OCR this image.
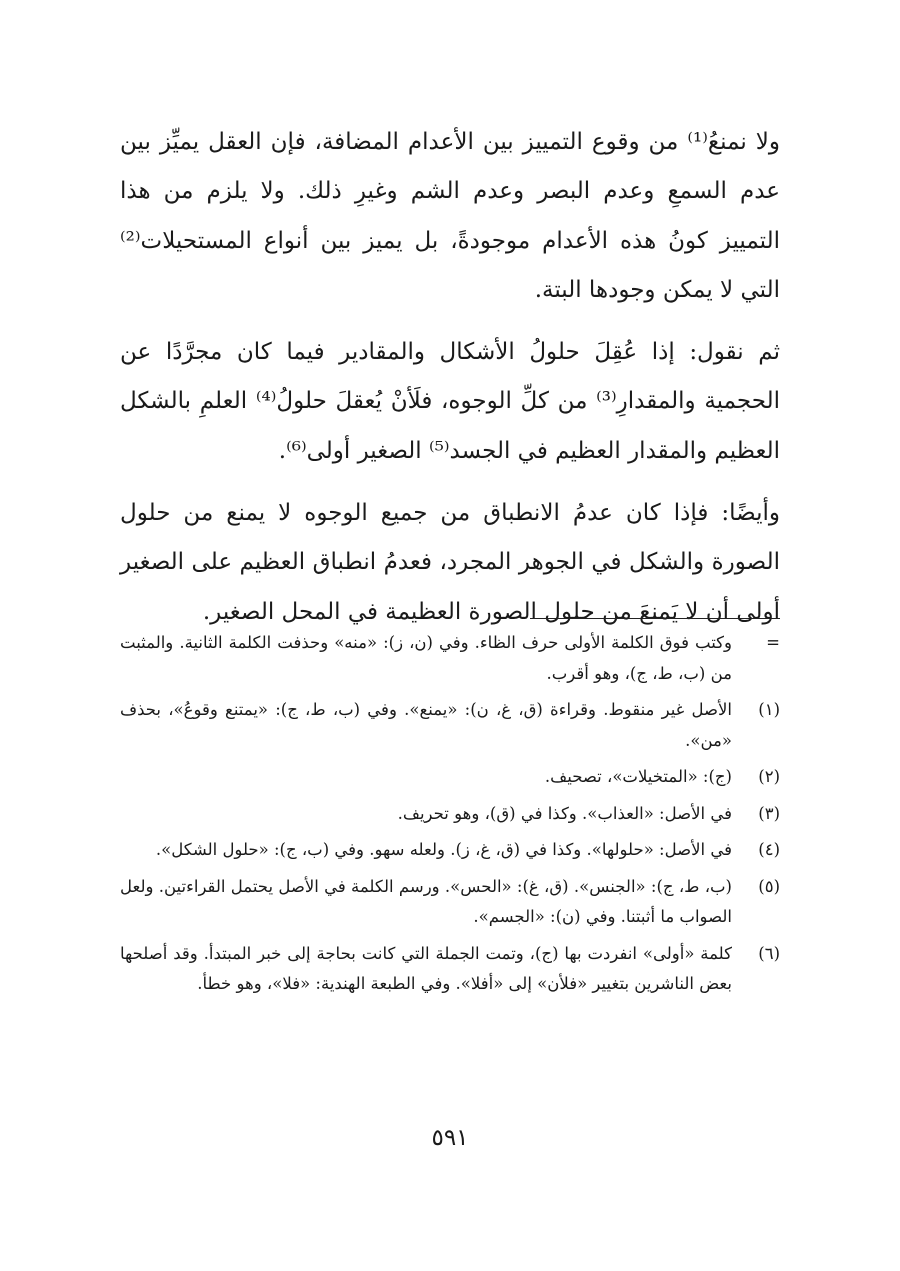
ولا نمنعُ⁽¹⁾ من وقوع التمييز بين الأعدام المضافة، فإن العقل يميِّز بين عدم السمعِ وعدم البصر وعدم الشم وغيرِ ذلك. ولا يلزم من هذا التمييز كونُ هذه الأعدام موجودةً، بل يميز بين أنواع المستحيلات⁽²⁾ التي لا يمكن وجودها البتة.

ثم نقول: إذا عُقِلَ حلولُ الأشكال والمقادير فيما كان مجرَّدًا عن الحجمية والمقدارِ⁽³⁾ من كلِّ الوجوه، فلَأنْ يُعقلَ حلولُ⁽⁴⁾ العلمِ بالشكل العظيم والمقدار العظيم في الجسد⁽⁵⁾ الصغير أولى⁽⁶⁾.

وأيضًا: فإذا كان عدمُ الانطباق من جميع الوجوه لا يمنع من حلول الصورة والشكل في الجوهر المجرد، فعدمُ انطباق العظيم على الصغير أولى أن لا يَمنعَ من حلول الصورة العظيمة في المحل الصغير.

=
وكتب فوق الكلمة الأولى حرف الظاء. وفي (ن، ز): «منه» وحذفت الكلمة الثانية. والمثبت من (ب، ط، ج)، وهو أقرب.
(١)
الأصل غير منقوط. وقراءة (ق، غ، ن): «يمنع». وفي (ب، ط، ج): «يمتنع وقوعُ»، بحذف «من».
(٢)
(ج): «المتخيلات»، تصحيف.
(٣)
في الأصل: «العذاب». وكذا في (ق)، وهو تحريف.
(٤)
في الأصل: «حلولها». وكذا في (ق، غ، ز). ولعله سهو. وفي (ب، ج): «حلول الشكل».
(٥)
(ب، ط، ج): «الجنس». (ق، غ): «الحس». ورسم الكلمة في الأصل يحتمل القراءتين. ولعل الصواب ما أثبتنا. وفي (ن): «الجسم».
(٦)
كلمة «أولى» انفردت بها (ج)، وتمت الجملة التي كانت بحاجة إلى خبر المبتدأ. وقد أصلحها بعض الناشرين بتغيير «فلأن» إلى «أفلا». وفي الطبعة الهندية: «فلا»، وهو خطأ.
٥٩١
